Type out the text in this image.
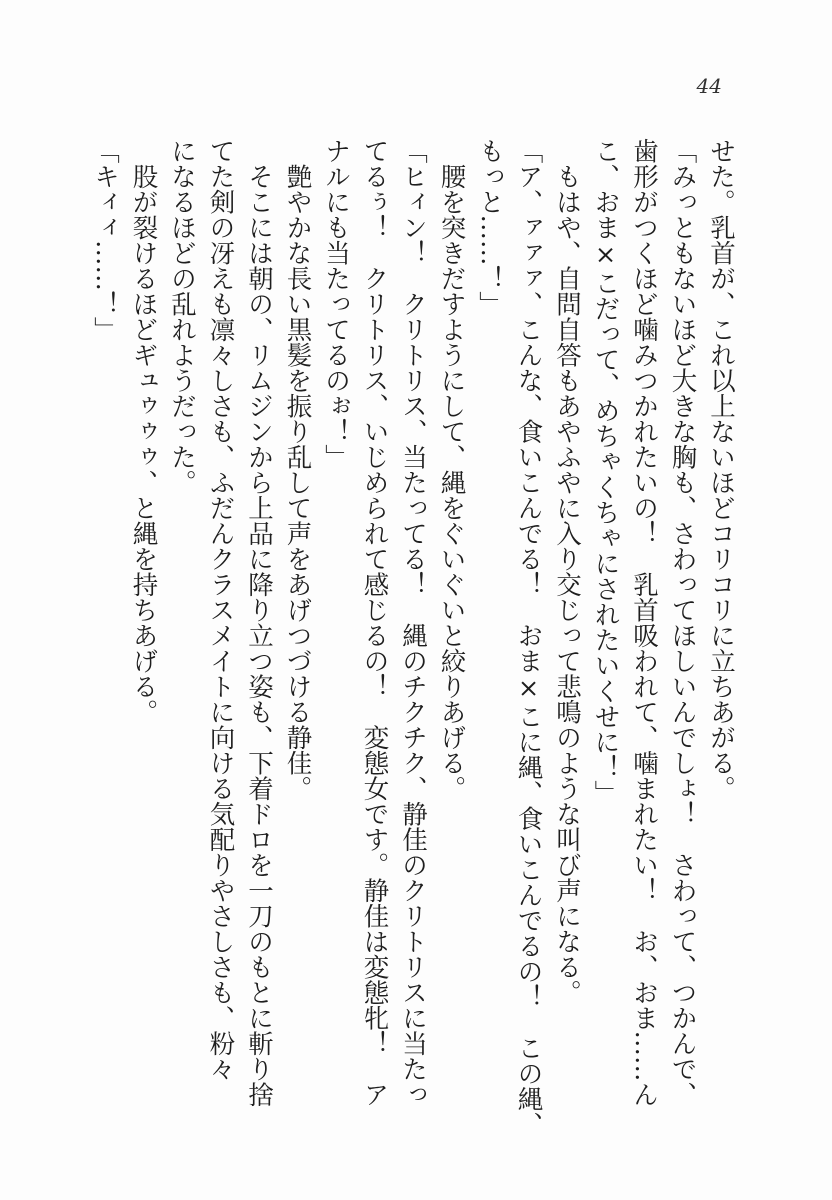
44
せた。乳首が、これ以上ないほどコリコリに立ちあがる。
「みっともないほど大きな胸も、さわってほしいんでしょ！　さわって、つかんで、
歯形がつくほど噛みつかれたいの！　乳首吸われて、噛まれたい！　お、おま……ん
こ、おま×こだって、めちゃくちゃにされたいくせに！」
　もはや、自問自答もあやふやに入り交じって悲鳴のような叫び声になる。
「ア、ァァァ、こんな、食いこんでる！　おま×こに縄、食いこんでるの！　この縄、
もっと……！」
　腰を突きだすようにして、縄をぐいぐいと絞りあげる。
「ヒィン！　クリトリス、当たってる！　縄のチクチク、静佳のクリトリスに当たっ
てるぅ！　クリトリス、いじめられて感じるの！　変態女です。静佳は変態牝！　ア
ナルにも当たってるのぉ！」
　艶やかな長い黒髪を振り乱して声をあげつづける静佳。
　そこには朝の、リムジンから上品に降り立つ姿も、下着ドロを一刀のもとに斬り捨
てた剣の冴えも凛々しさも、ふだんクラスメイトに向ける気配りやさしさも、粉々
になるほどの乱れようだった。
　股が裂けるほどギュゥゥゥ、と縄を持ちあげる。
「キィィ……！」
